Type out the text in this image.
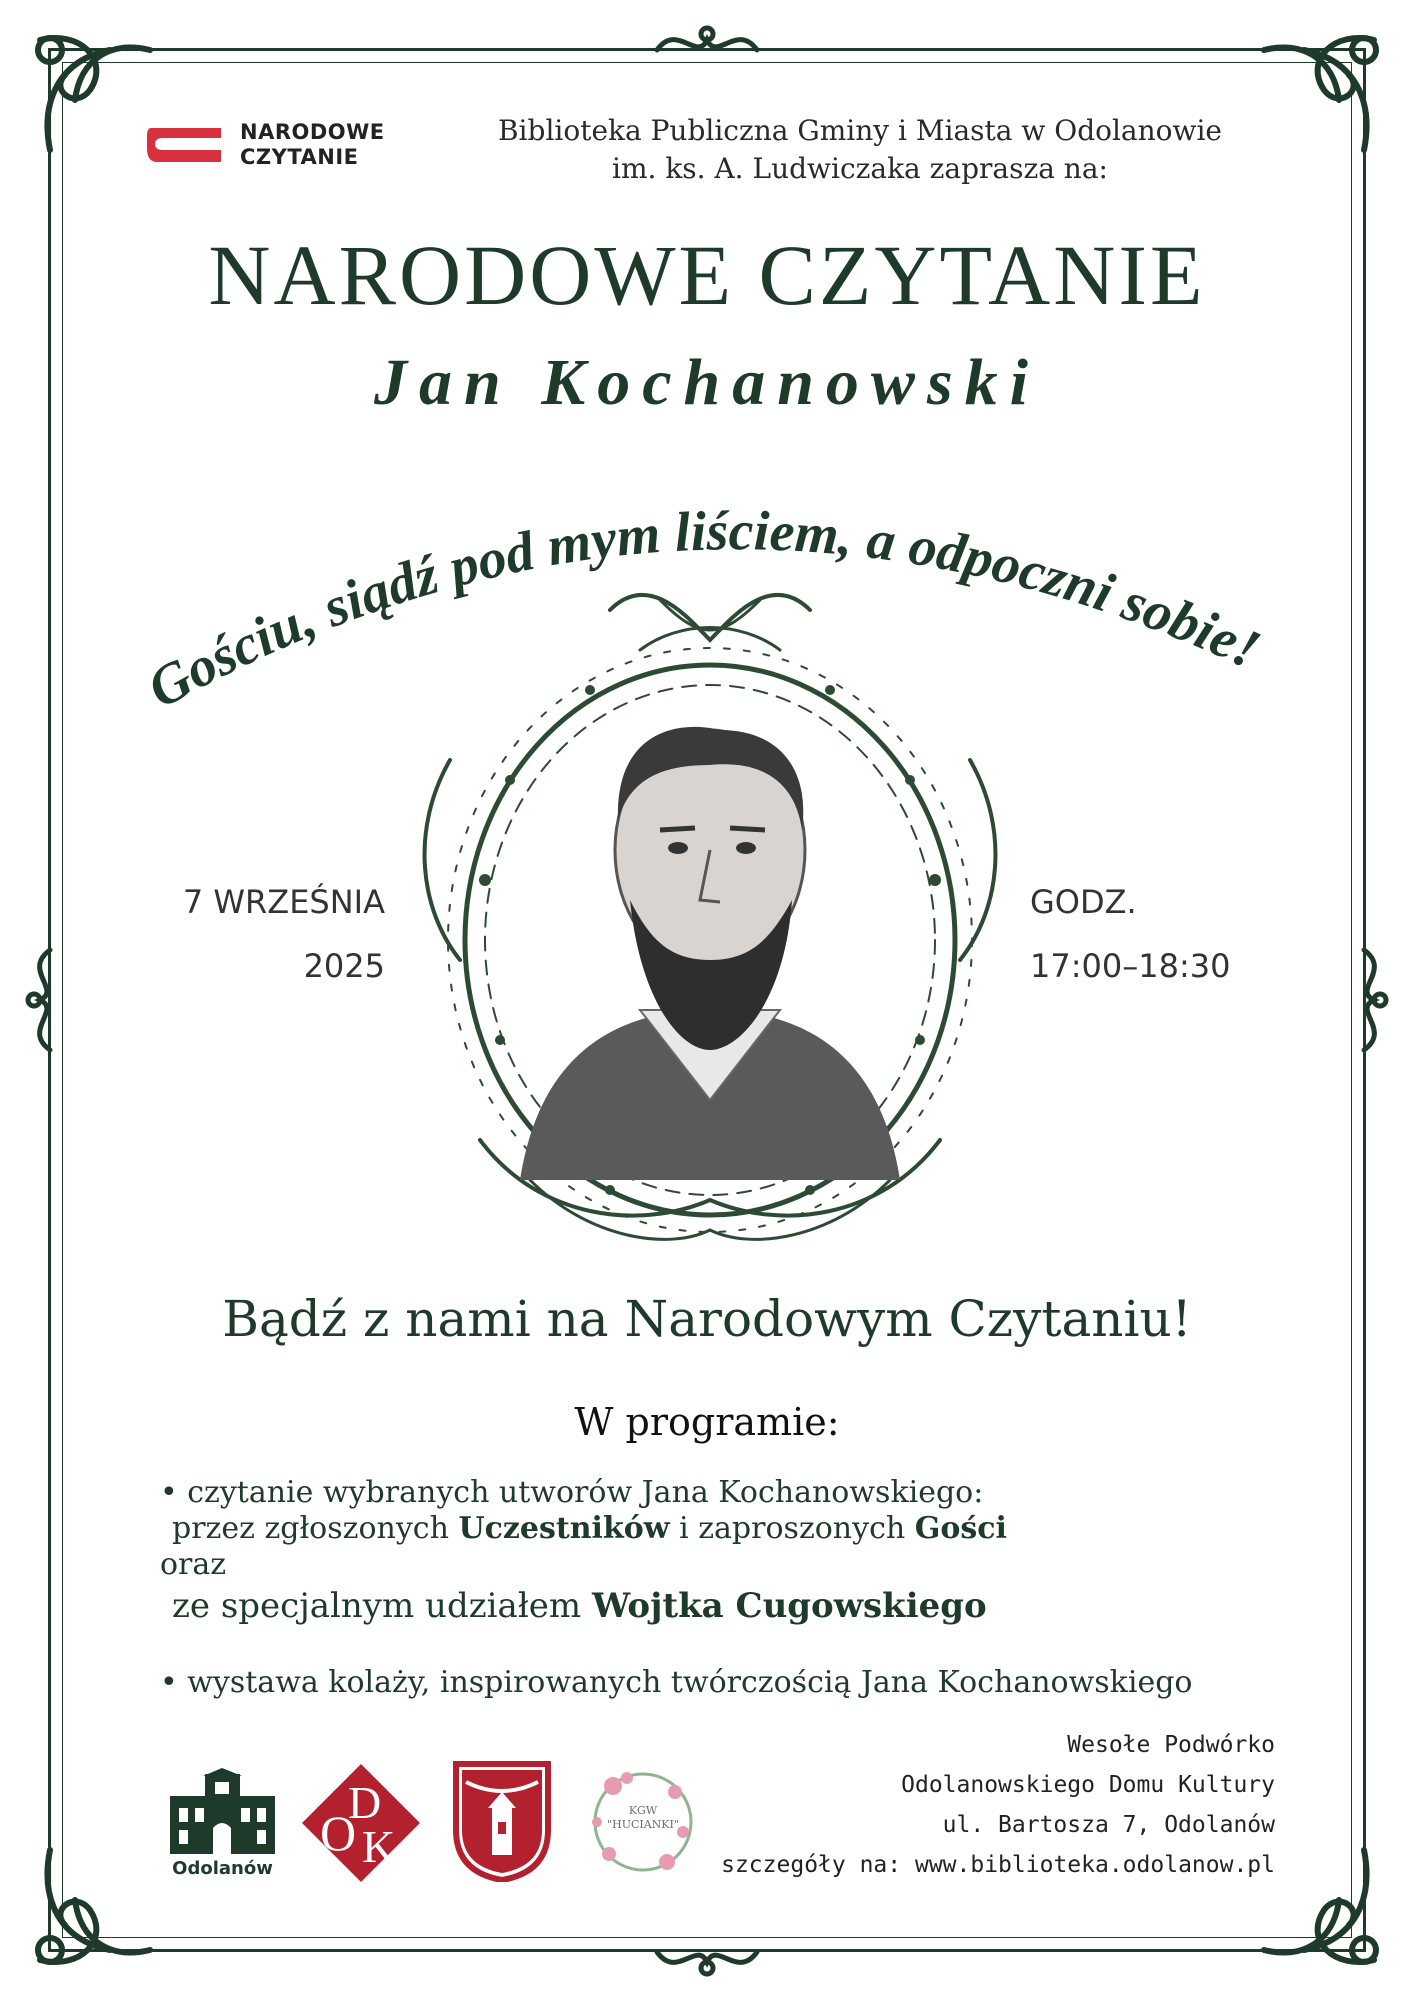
NARODOWE
CZYTANIE
Biblioteka Publiczna Gminy i Miasta w Odolanowie
im. ks. A. Ludwiczaka zaprasza na:
NARODOWE CZYTANIE
Jan Kochanowski
Gościu, siądź pod mym liściem, a odpoczni sobie!
7 WRZEŚNIA
2025
GODZ.
17:00–18:30
Bądź z nami na Narodowym Czytaniu!
W programie:
• czytanie wybranych utworów Jana Kochanowskiego:
przez zgłoszonych Uczestników i zaproszonych Gości
oraz
ze specjalnym udziałem Wojtka Cugowskiego
• wystawa kolaży, inspirowanych twórczością Jana Kochanowskiego
Wesołe Podwórko
Odolanowskiego Domu Kultury
ul. Bartosza 7, Odolanów
szczegóły na: www.biblioteka.odolanow.pl
Odolanów
O
D
K
KGW
"HUCIANKI"
